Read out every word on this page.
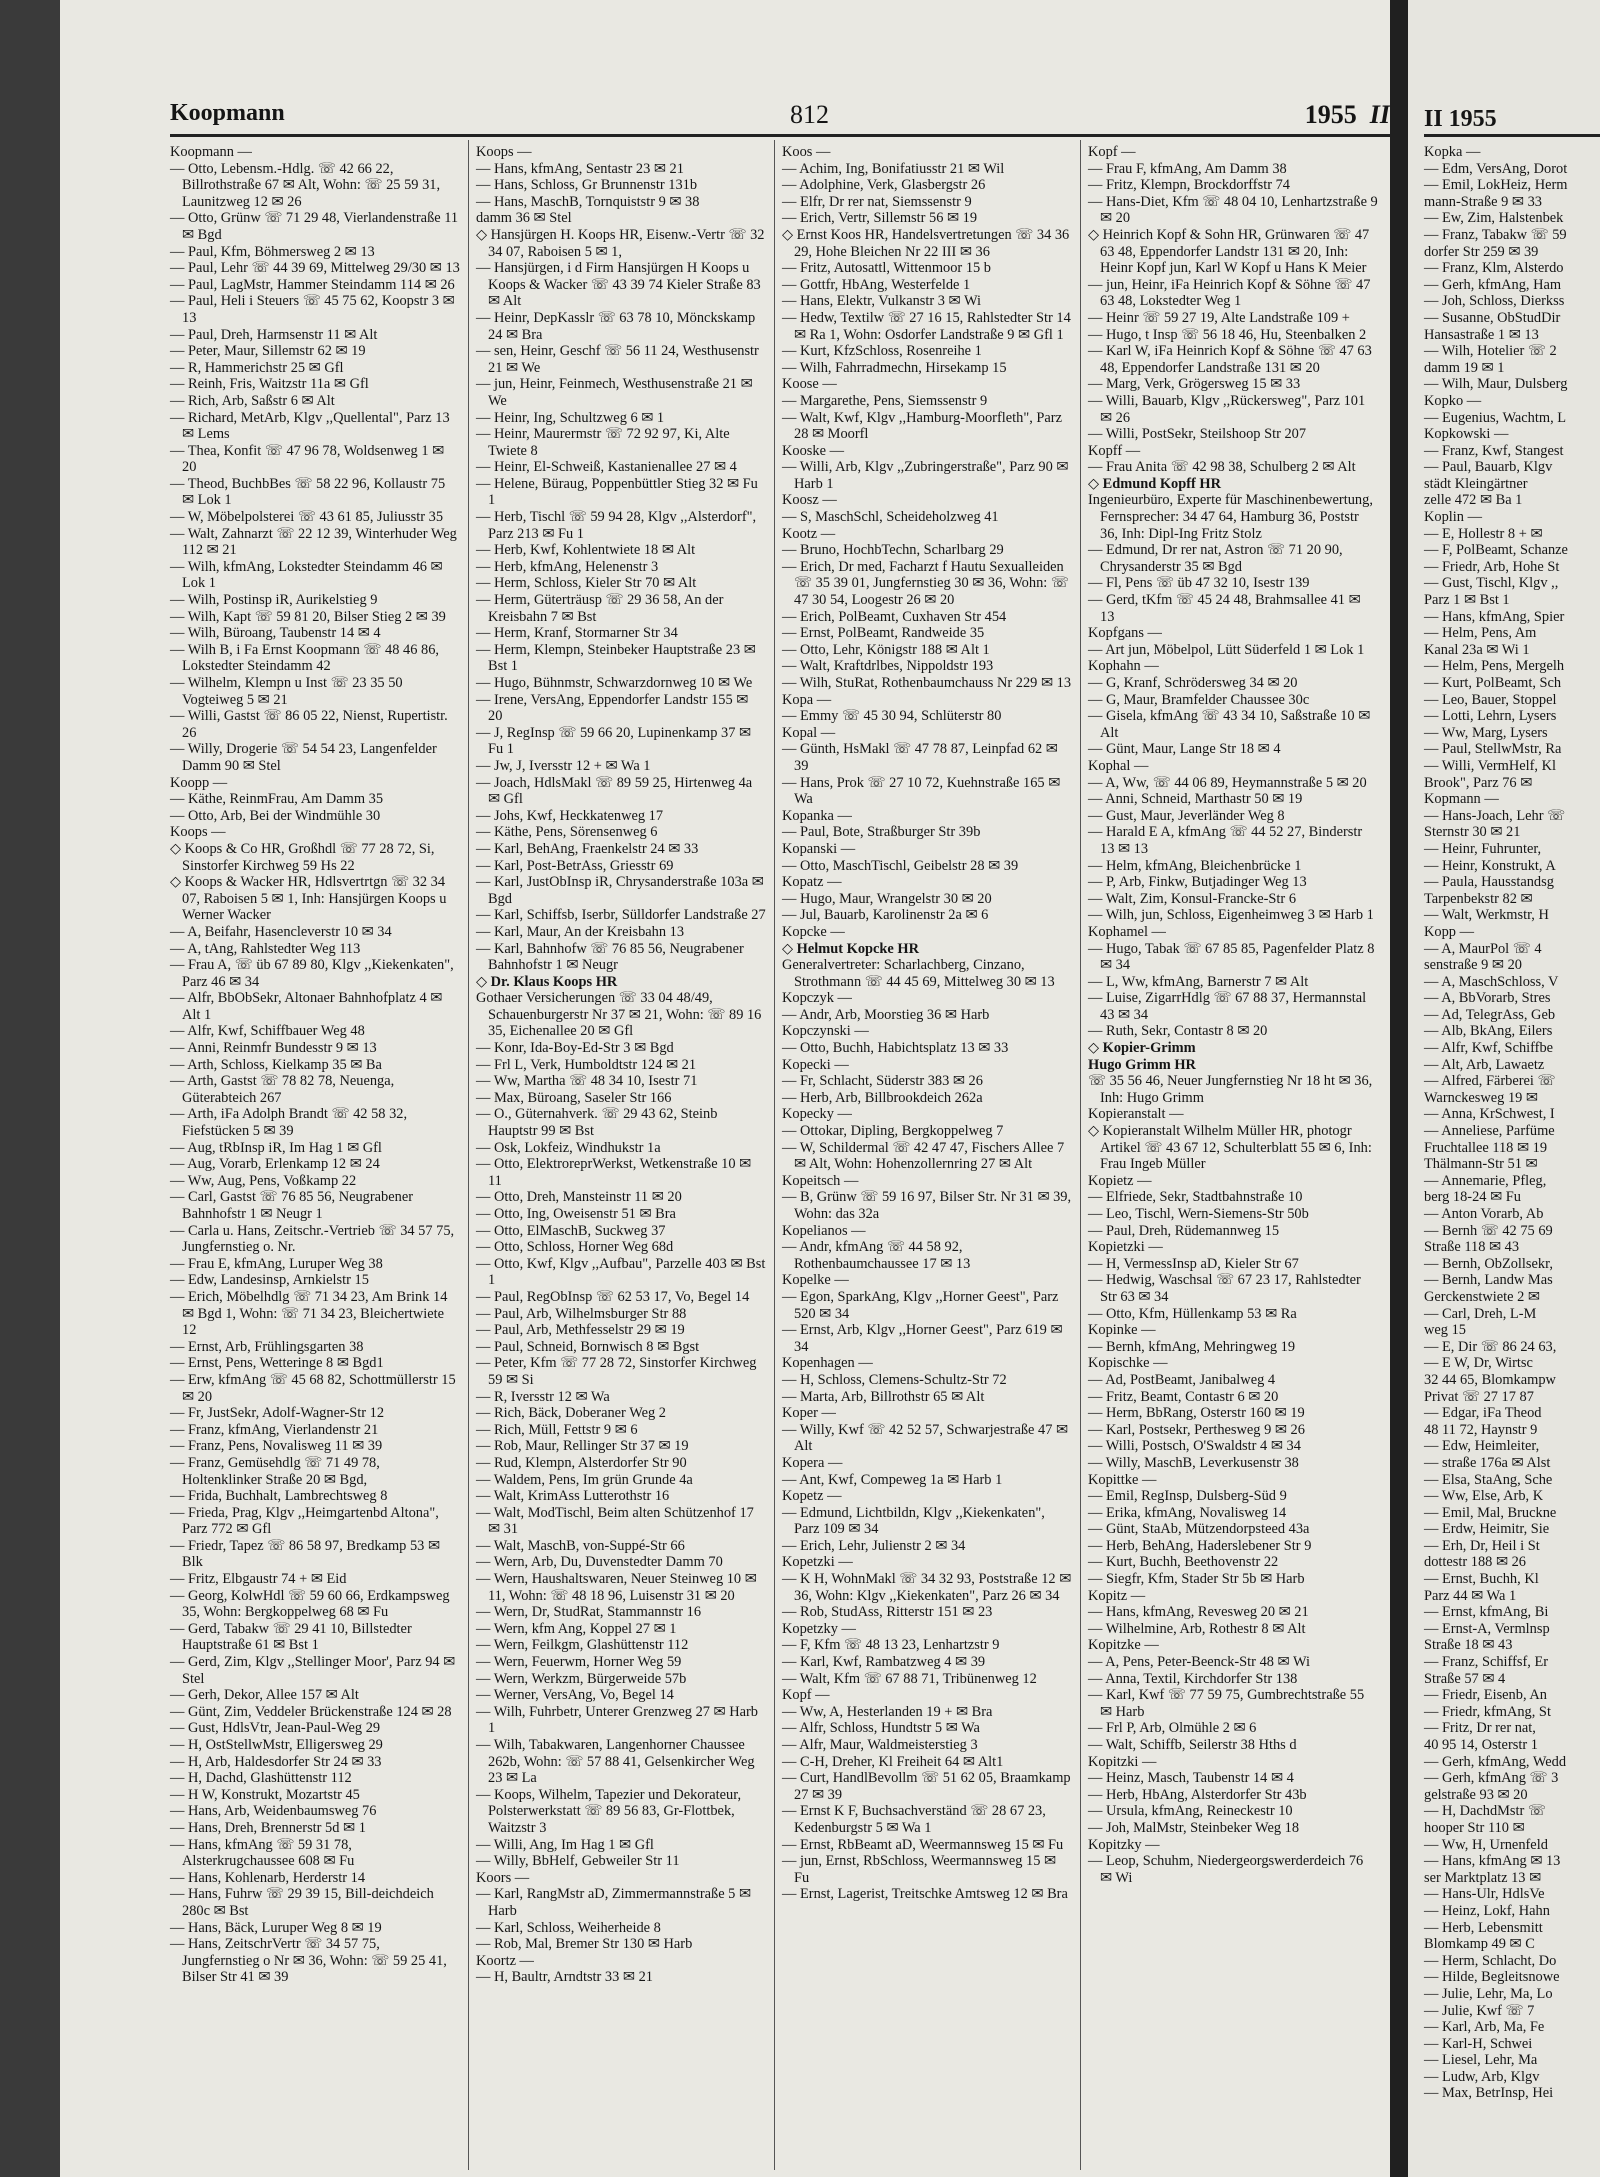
Koopmann	812	1955 II
Koopmann —
— Otto, Lebensm.-Hdlg. ☏ 42 66 22, Billrothstraße 67 ✉ Alt, Wohn: ☏ 25 59 31, Launitzweg 12 ✉ 26
— Otto, Grünw ☏ 71 29 48, Vierlandenstraße 11 ✉ Bgd
— Paul, Kfm, Böhmersweg 2 ✉ 13
— Paul, Lehr ☏ 44 39 69, Mittelweg 29/30 ✉ 13
— Paul, LagMstr, Hammer Steindamm 114 ✉ 26
— Paul, Heli i Steuers ☏ 45 75 62, Koopstr 3 ✉ 13
— Paul, Dreh, Harmsenstr 11 ✉ Alt
— Peter, Maur, Sillemstr 62 ✉ 19
— R, Hammerichstr 25 ✉ Gfl
— Reinh, Fris, Waitzstr 11a ✉ Gfl
— Rich, Arb, Saßstr 6 ✉ Alt
— Richard, MetArb, Klgv ,,Quellental", Parz 13 ✉ Lems
— Thea, Konfit ☏ 47 96 78, Woldsenweg 1 ✉ 20
— Theod, BuchbBes ☏ 58 22 96, Kollaustr 75 ✉ Lok 1
— W, Möbelpolsterei ☏ 43 61 85, Juliusstr 35
— Walt, Zahnarzt ☏ 22 12 39, Winterhuder Weg 112 ✉ 21
— Wilh, kfmAng, Lokstedter Steindamm 46 ✉ Lok 1
— Wilh, Postinsp iR, Aurikelstieg 9
— Wilh, Kapt ☏ 59 81 20, Bilser Stieg 2 ✉ 39
— Wilh, Büroang, Taubenstr 14 ✉ 4
— Wilh B, i Fa Ernst Koopmann ☏ 48 46 86, Lokstedter Steindamm 42
— Wilhelm, Klempn u Inst ☏ 23 35 50 Vogteiweg 5 ✉ 21
— Willi, Gastst ☏ 86 05 22, Nienst, Rupertistr. 26
— Willy, Drogerie ☏ 54 54 23, Langenfelder Damm 90 ✉ Stel
Koopp —
— Käthe, ReinmFrau, Am Damm 35
— Otto, Arb, Bei der Windmühle 30
Koops —
◇ Koops & Co HR, Großhdl ☏ 77 28 72, Si, Sinstorfer Kirchweg 59 Hs 22
◇ Koops & Wacker HR, Hdlsvertrtgn ☏ 32 34 07, Raboisen 5 ✉ 1, Inh: Hansjürgen Koops u Werner Wacker
— A, Beifahr, Hasencleverstr 10 ✉ 34
— A, tAng, Rahlstedter Weg 113
— Frau A, ☏ üb 67 89 80, Klgv ,,Kiekenkaten", Parz 46 ✉ 34
— Alfr, BbObSekr, Altonaer Bahnhofplatz 4 ✉ Alt 1
— Alfr, Kwf, Schiffbauer Weg 48
— Anni, Reinmfr Bundesstr 9 ✉ 13
— Arth, Schloss, Kielkamp 35 ✉ Ba
— Arth, Gastst ☏ 78 82 78, Neuenga, Güterabteich 267
— Arth, iFa Adolph Brandt ☏ 42 58 32, Fiefstücken 5 ✉ 39
— Aug, tRbInsp iR, Im Hag 1 ✉ Gfl
— Aug, Vorarb, Erlenkamp 12 ✉ 24
— Ww, Aug, Pens, Voßkamp 22
— Carl, Gastst ☏ 76 85 56, Neugrabener Bahnhofstr 1 ✉ Neugr 1
— Carla u. Hans, Zeitschr.-Vertrieb ☏ 34 57 75, Jungfernstieg o. Nr.
— Frau E, kfmAng, Luruper Weg 38
— Edw, Landesinsp, Arnkielstr 15
— Erich, Möbelhdlg ☏ 71 34 23, Am Brink 14 ✉ Bgd 1, Wohn: ☏ 71 34 23, Bleichertwiete 12
— Ernst, Arb, Frühlingsgarten 38
— Ernst, Pens, Wetteringe 8 ✉ Bgd1
— Erw, kfmAng ☏ 45 68 82, Schottmüllerstr 15 ✉ 20
— Fr, JustSekr, Adolf-Wagner-Str 12
— Franz, kfmAng, Vierlandenstr 21
— Franz, Pens, Novalisweg 11 ✉ 39
— Franz, Gemüsehdlg ☏ 71 49 78, Holtenklinker Straße 20 ✉ Bgd,
— Frida, Buchhalt, Lambrechtsweg 8
— Frieda, Prag, Klgv ,,Heimgartenbd Altona", Parz 772 ✉ Gfl
— Friedr, Tapez ☏ 86 58 97, Bredkamp 53 ✉ Blk
— Fritz, Elbgaustr 74 + ✉ Eid
— Georg, KolwHdl ☏ 59 60 66, Erdkampsweg 35, Wohn: Bergkoppelweg 68 ✉ Fu
— Gerd, Tabakw ☏ 29 41 10, Billstedter Hauptstraße 61 ✉ Bst 1
— Gerd, Zim, Klgv ,,Stellinger Moor', Parz 94 ✉ Stel
— Gerh, Dekor, Allee 157 ✉ Alt
— Günt, Zim, Veddeler Brückenstraße 124 ✉ 28
— Gust, HdlsVtr, Jean-Paul-Weg 29
— H, OstStellwMstr, Elligersweg 29
— H, Arb, Haldesdorfer Str 24 ✉ 33
— H, Dachd, Glashüttenstr 112
— H W, Konstrukt, Mozartstr 45
— Hans, Arb, Weidenbaumsweg 76
— Hans, Dreh, Brennerstr 5d ✉ 1
— Hans, kfmAng ☏ 59 31 78, Alsterkrugchaussee 608 ✉ Fu
— Hans, Kohlenarb, Herderstr 14
— Hans, Fuhrw ☏ 29 39 15, Bill-deichdeich 280c ✉ Bst
— Hans, Bäck, Luruper Weg 8 ✉ 19
— Hans, ZeitschrVertr ☏ 34 57 75, Jungfernstieg o Nr ✉ 36, Wohn: ☏ 59 25 41, Bilser Str 41 ✉ 39
Koops —
— Hans, kfmAng, Sentastr 23 ✉ 21
— Hans, Schloss, Gr Brunnenstr 131b
— Hans, MaschB, Tornquiststr 9 ✉ 38
damm 36 ✉ Stel
◇ Hansjürgen H. Koops HR, Eisenw.-Vertr ☏ 32 34 07, Raboisen 5 ✉ 1,
— Hansjürgen, i d Firm Hansjürgen H Koops u Koops & Wacker ☏ 43 39 74 Kieler Straße 83 ✉ Alt
— Heinr, DepKasslr ☏ 63 78 10, Mönckskamp 24 ✉ Bra
— sen, Heinr, Geschf ☏ 56 11 24, Westhusenstr 21 ✉ We
— jun, Heinr, Feinmech, Westhusenstraße 21 ✉ We
— Heinr, Ing, Schultzweg 6 ✉ 1
— Heinr, Maurermstr ☏ 72 92 97, Ki, Alte Twiete 8
— Heinr, El-Schweiß, Kastanienallee 27 ✉ 4
— Helene, Büraug, Poppenbüttler Stieg 32 ✉ Fu 1
— Herb, Tischl ☏ 59 94 28, Klgv ,,Alsterdorf", Parz 213 ✉ Fu 1
— Herb, Kwf, Kohlentwiete 18 ✉ Alt
— Herb, kfmAng, Helenenstr 3
— Herm, Schloss, Kieler Str 70 ✉ Alt
— Herm, Güterträusp ☏ 29 36 58, An der Kreisbahn 7 ✉ Bst
— Herm, Kranf, Stormarner Str 34
— Herm, Klempn, Steinbeker Hauptstraße 23 ✉ Bst 1
— Hugo, Bühnmstr, Schwarzdornweg 10 ✉ We
— Irene, VersAng, Eppendorfer Landstr 155 ✉ 20
— J, RegInsp ☏ 59 66 20, Lupinenkamp 37 ✉ Fu 1
— Jw, J, Iversstr 12 + ✉ Wa 1
— Joach, HdlsMakl ☏ 89 59 25, Hirtenweg 4a ✉ Gfl
— Johs, Kwf, Heckkatenweg 17
— Käthe, Pens, Sörensenweg 6
— Karl, BehAng, Fraenkelstr 24 ✉ 33
— Karl, Post-BetrAss, Griesstr 69
— Karl, JustObInsp iR, Chrysanderstraße 103a ✉ Bgd
— Karl, Schiffsb, Iserbr, Sülldorfer Landstraße 27
— Karl, Maur, An der Kreisbahn 13
— Karl, Bahnhofw ☏ 76 85 56, Neugrabener Bahnhofstr 1 ✉ Neugr
◇ Dr. Klaus Koops HR
Gothaer Versicherungen ☏ 33 04 48/49, Schauenburgerstr Nr 37 ✉ 21, Wohn: ☏ 89 16 35, Eichenallee 20 ✉ Gfl
— Konr, Ida-Boy-Ed-Str 3 ✉ Bgd
— Frl L, Verk, Humboldtstr 124 ✉ 21
— Ww, Martha ☏ 48 34 10, Isestr 71
— Max, Büroang, Saseler Str 166
— O., Güternahverk. ☏ 29 43 62, Steinb Hauptstr 99 ✉ Bst
— Osk, Lokfeiz, Windhukstr 1a
— Otto, ElektroreprWerkst, Wetkenstraße 10 ✉ 11
— Otto, Dreh, Mansteinstr 11 ✉ 20
— Otto, Ing, Oweisenstr 51 ✉ Bra
— Otto, ElMaschB, Suckweg 37
— Otto, Schloss, Horner Weg 68d
— Otto, Kwf, Klgv ,,Aufbau", Parzelle 403 ✉ Bst 1
— Paul, RegObInsp ☏ 62 53 17, Vo, Begel 14
— Paul, Arb, Wilhelmsburger Str 88
— Paul, Arb, Methfesselstr 29 ✉ 19
— Paul, Schneid, Bornwisch 8 ✉ Bgst
— Peter, Kfm ☏ 77 28 72, Sinstorfer Kirchweg 59 ✉ Si
— R, Iversstr 12 ✉ Wa
— Rich, Bäck, Doberaner Weg 2
— Rich, Müll, Fettstr 9 ✉ 6
— Rob, Maur, Rellinger Str 37 ✉ 19
— Rud, Klempn, Alsterdorfer Str 90
— Waldem, Pens, Im grün Grunde 4a
— Walt, KrimAss Lutterothstr 16
— Walt, ModTischl, Beim alten Schützenhof 17 ✉ 31
— Walt, MaschB, von-Suppé-Str 66
— Wern, Arb, Du, Duvenstedter Damm 70
— Wern, Haushaltswaren, Neuer Steinweg 10 ✉ 11, Wohn: ☏ 48 18 96, Luisenstr 31 ✉ 20
— Wern, Dr, StudRat, Stammannstr 16
— Wern, kfm Ang, Koppel 27 ✉ 1
— Wern, Feilkgm, Glashüttenstr 112
— Wern, Feuerwm, Horner Weg 59
— Wern, Werkzm, Bürgerweide 57b
— Werner, VersAng, Vo, Begel 14
— Wilh, Fuhrbetr, Unterer Grenzweg 27 ✉ Harb 1
— Wilh, Tabakwaren, Langenhorner Chaussee 262b, Wohn: ☏ 57 88 41, Gelsenkircher Weg 23 ✉ La
— Koops, Wilhelm, Tapezier und Dekorateur, Polsterwerkstatt ☏ 89 56 83, Gr-Flottbek, Waitzstr 3
— Willi, Ang, Im Hag 1 ✉ Gfl
— Willy, BbHelf, Gebweiler Str 11
Koors —
— Karl, RangMstr aD, Zimmermannstraße 5 ✉ Harb
— Karl, Schloss, Weiherheide 8
— Rob, Mal, Bremer Str 130 ✉ Harb
Koortz —
— H, Baultr, Arndtstr 33 ✉ 21
Koos —
— Achim, Ing, Bonifatiusstr 21 ✉ Wil
— Adolphine, Verk, Glasbergstr 26
— Elfr, Dr rer nat, Siemssenstr 9
— Erich, Vertr, Sillemstr 56 ✉ 19
◇ Ernst Koos HR, Handelsvertretungen ☏ 34 36 29, Hohe Bleichen Nr 22 III ✉ 36
— Fritz, Autosattl, Wittenmoor 15 b
— Gottfr, HbAng, Westerfelde 1
— Hans, Elektr, Vulkanstr 3 ✉ Wi
— Hedw, Textilw ☏ 27 16 15, Rahlstedter Str 14 ✉ Ra 1, Wohn: Osdorfer Landstraße 9 ✉ Gfl 1
— Kurt, KfzSchloss, Rosenreihe 1
— Wilh, Fahrradmechn, Hirsekamp 15
Koose —
— Margarethe, Pens, Siemssenstr 9
— Walt, Kwf, Klgv ,,Hamburg-Moorfleth", Parz 28 ✉ Moorfl
Kooske —
— Willi, Arb, Klgv ,,Zubringerstraße", Parz 90 ✉ Harb 1
Koosz —
— S, MaschSchl, Scheideholzweg 41
Kootz —
— Bruno, HochbTechn, Scharlbarg 29
— Erich, Dr med, Facharzt f Hautu Sexualleiden ☏ 35 39 01, Jungfernstieg 30 ✉ 36, Wohn: ☏ 47 30 54, Loogestr 26 ✉ 20
— Erich, PolBeamt, Cuxhaven Str 454
— Ernst, PolBeamt, Randweide 35
— Otto, Lehr, Königstr 188 ✉ Alt 1
— Walt, Kraftdrlbes, Nippoldstr 193
— Wilh, StuRat, Rothenbaumchauss Nr 229 ✉ 13
Kopa —
— Emmy ☏ 45 30 94, Schlüterstr 80
Kopal —
— Günth, HsMakl ☏ 47 78 87, Leinpfad 62 ✉ 39
— Hans, Prok ☏ 27 10 72, Kuehnstraße 165 ✉ Wa
Kopanka —
— Paul, Bote, Straßburger Str 39b
Kopanski —
— Otto, MaschTischl, Geibelstr 28 ✉ 39
Kopatz —
— Hugo, Maur, Wrangelstr 30 ✉ 20
— Jul, Bauarb, Karolinenstr 2a ✉ 6
Kopcke —
◇ Helmut Kopcke HR
Generalvertreter: Scharlachberg, Cinzano, Strothmann ☏ 44 45 69, Mittelweg 30 ✉ 13
Kopczyk —
— Andr, Arb, Moorstieg 36 ✉ Harb
Kopczynski —
— Otto, Buchh, Habichtsplatz 13 ✉ 33
Kopecki —
— Fr, Schlacht, Süderstr 383 ✉ 26
— Herb, Arb, Billbrookdeich 262a
Kopecky —
— Ottokar, Dipling, Bergkoppelweg 7
— W, Schildermal ☏ 42 47 47, Fischers Allee 7 ✉ Alt, Wohn: Hohenzollernring 27 ✉ Alt
Kopeitsch —
— B, Grünw ☏ 59 16 97, Bilser Str. Nr 31 ✉ 39, Wohn: das 32a
Kopelianos —
— Andr, kfmAng ☏ 44 58 92, Rothenbaumchaussee 17 ✉ 13
Kopelke —
— Egon, SparkAng, Klgv ,,Horner Geest", Parz 520 ✉ 34
— Ernst, Arb, Klgv ,,Horner Geest", Parz 619 ✉ 34
Kopenhagen —
— H, Schloss, Clemens-Schultz-Str 72
— Marta, Arb, Billrothstr 65 ✉ Alt
Koper —
— Willy, Kwf ☏ 42 52 57, Schwarjestraße 47 ✉ Alt
Kopera —
— Ant, Kwf, Compeweg 1a ✉ Harb 1
Kopetz —
— Edmund, Lichtbildn, Klgv ,,Kiekenkaten", Parz 109 ✉ 34
— Erich, Lehr, Julienstr 2 ✉ 34
Kopetzki —
— K H, WohnMakl ☏ 34 32 93, Poststraße 12 ✉ 36, Wohn: Klgv ,,Kiekenkaten", Parz 26 ✉ 34
— Rob, StudAss, Ritterstr 151 ✉ 23
Kopetzky —
— F, Kfm ☏ 48 13 23, Lenhartzstr 9
— Karl, Kwf, Rambatzweg 4 ✉ 39
— Walt, Kfm ☏ 67 88 71, Tribünenweg 12
Kopf —
— Ww, A, Hesterlanden 19 + ✉ Bra
— Alfr, Schloss, Hundtstr 5 ✉ Wa
— Alfr, Maur, Waldmeisterstieg 3
— C-H, Dreher, Kl Freiheit 64 ✉ Alt1
— Curt, HandlBevollm ☏ 51 62 05, Braamkamp 27 ✉ 39
— Ernst K F, Buchsachverständ ☏ 28 67 23, Kedenburgstr 5 ✉ Wa 1
— Ernst, RbBeamt aD, Weermannsweg 15 ✉ Fu
— jun, Ernst, RbSchloss, Weermannsweg 15 ✉ Fu
— Ernst, Lagerist, Treitschke Amtsweg 12 ✉ Bra
Kopf —
— Frau F, kfmAng, Am Damm 38
— Fritz, Klempn, Brockdorffstr 74
— Hans-Diet, Kfm ☏ 48 04 10, Lenhartzstraße 9 ✉ 20
◇ Heinrich Kopf & Sohn HR, Grünwaren ☏ 47 63 48, Eppendorfer Landstr 131 ✉ 20, Inh: Heinr Kopf jun, Karl W Kopf u Hans K Meier
— jun, Heinr, iFa Heinrich Kopf & Söhne ☏ 47 63 48, Lokstedter Weg 1
— Heinr ☏ 59 27 19, Alte Landstraße 109 +
— Hugo, t Insp ☏ 56 18 46, Hu, Steenbalken 2
— Karl W, iFa Heinrich Kopf & Söhne ☏ 47 63 48, Eppendorfer Landstraße 131 ✉ 20
— Marg, Verk, Grögersweg 15 ✉ 33
— Willi, Bauarb, Klgv ,,Rückersweg", Parz 101 ✉ 26
— Willi, PostSekr, Steilshoop Str 207
Kopff —
— Frau Anita ☏ 42 98 38, Schulberg 2 ✉ Alt
◇ Edmund Kopff HR
Ingenieurbüro, Experte für Maschinenbewertung, Fernsprecher: 34 47 64, Hamburg 36, Poststr 36, Inh: Dipl-Ing Fritz Stolz
— Edmund, Dr rer nat, Astron ☏ 71 20 90, Chrysanderstr 35 ✉ Bgd
— Fl, Pens ☏ üb 47 32 10, Isestr 139
— Gerd, tKfm ☏ 45 24 48, Brahmsallee 41 ✉ 13
Kopfgans —
— Art jun, Möbelpol, Lütt Süderfeld 1 ✉ Lok 1
Kophahn —
— G, Kranf, Schrödersweg 34 ✉ 20
— G, Maur, Bramfelder Chaussee 30c
— Gisela, kfmAng ☏ 43 34 10, Saßstraße 10 ✉ Alt
— Günt, Maur, Lange Str 18 ✉ 4
Kophal —
— A, Ww, ☏ 44 06 89, Heymannstraße 5 ✉ 20
— Anni, Schneid, Marthastr 50 ✉ 19
— Gust, Maur, Jeverländer Weg 8
— Harald E A, kfmAng ☏ 44 52 27, Binderstr 13 ✉ 13
— Helm, kfmAng, Bleichenbrücke 1
— P, Arb, Finkw, Butjadinger Weg 13
— Walt, Zim, Konsul-Francke-Str 6
— Wilh, jun, Schloss, Eigenheimweg 3 ✉ Harb 1
Kophamel —
— Hugo, Tabak ☏ 67 85 85, Pagenfelder Platz 8 ✉ 34
— L, Ww, kfmAng, Barnerstr 7 ✉ Alt
— Luise, ZigarrHdlg ☏ 67 88 37, Hermannstal 43 ✉ 34
— Ruth, Sekr, Contastr 8 ✉ 20
◇ Kopier-Grimm
Hugo Grimm HR
☏ 35 56 46, Neuer Jungfernstieg Nr 18 ht ✉ 36, Inh: Hugo Grimm
Kopieranstalt —
◇ Kopieranstalt Wilhelm Müller HR, photogr Artikel ☏ 43 67 12, Schulterblatt 55 ✉ 6, Inh: Frau Ingeb Müller
Kopietz —
— Elfriede, Sekr, Stadtbahnstraße 10
— Leo, Tischl, Wern-Siemens-Str 50b
— Paul, Dreh, Rüdemannweg 15
Kopietzki —
— H, VermessInsp aD, Kieler Str 67
— Hedwig, Waschsal ☏ 67 23 17, Rahlstedter Str 63 ✉ 34
— Otto, Kfm, Hüllenkamp 53 ✉ Ra
Kopinke —
— Bernh, kfmAng, Mehringweg 19
Kopischke —
— Ad, PostBeamt, Janibalweg 4
— Fritz, Beamt, Contastr 6 ✉ 20
— Herm, BbRang, Osterstr 160 ✉ 19
— Karl, Postsekr, Perthesweg 9 ✉ 26
— Willi, Postsch, O'Swaldstr 4 ✉ 34
— Willy, MaschB, Leverkusenstr 38
Kopittke —
— Emil, RegInsp, Dulsberg-Süd 9
— Erika, kfmAng, Novalisweg 14
— Günt, StaAb, Mützendorpsteed 43a
— Herb, BehAng, Haderslebener Str 9
— Kurt, Buchh, Beethovenstr 22
— Siegfr, Kfm, Stader Str 5b ✉ Harb
Kopitz —
— Hans, kfmAng, Revesweg 20 ✉ 21
— Wilhelmine, Arb, Rothestr 8 ✉ Alt
Kopitzke —
— A, Pens, Peter-Beenck-Str 48 ✉ Wi
— Anna, Textil, Kirchdorfer Str 138
— Karl, Kwf ☏ 77 59 75, Gumbrechtstraße 55 ✉ Harb
— Frl P, Arb, Olmühle 2 ✉ 6
— Walt, Schiffb, Seilerstr 38 Hths d
Kopitzki —
— Heinz, Masch, Taubenstr 14 ✉ 4
— Herb, HbAng, Alsterdorfer Str 43b
— Ursula, kfmAng, Reineckestr 10
— Joh, MalMstr, Steinbeker Weg 18
Kopitzky —
— Leop, Schuhm, Niedergeorgswerderdeich 76 ✉ Wi
II 1955
Kopka —
— Edm, VersAng, Dorot
— Emil, LokHeiz, Herm
mann-Straße 9 ✉ 33
— Ew, Zim, Halstenbek
— Franz, Tabakw ☏ 59
dorfer Str 259 ✉ 39
— Franz, Klm, Alsterdo
— Gerh, kfmAng, Ham
— Joh, Schloss, Dierkss
— Susanne, ObStudDir
Hansastraße 1 ✉ 13
— Wilh, Hotelier ☏ 2
damm 19 ✉ 1
— Wilh, Maur, Dulsberg
Kopko —
— Eugenius, Wachtm, L
Kopkowski —
— Franz, Kwf, Stangest
— Paul, Bauarb, Klgv
städt Kleingärtner
zelle 472 ✉ Ba 1
Koplin —
— E, Hollestr 8 + ✉
— F, PolBeamt, Schanze
— Friedr, Arb, Hohe St
— Gust, Tischl, Klgv ,,
Parz 1 ✉ Bst 1
— Hans, kfmAng, Spier
— Helm, Pens, Am
Kanal 23a ✉ Wi 1
— Helm, Pens, Mergelh
— Kurt, PolBeamt, Sch
— Leo, Bauer, Stoppel
— Lotti, Lehrn, Lysers
— Ww, Marg, Lysers
— Paul, StellwMstr, Ra
— Willi, VermHelf, Kl
Brook", Parz 76 ✉
Kopmann —
— Hans-Joach, Lehr ☏
Sternstr 30 ✉ 21
— Heinr, Fuhrunter,
— Heinr, Konstrukt, A
— Paula, Hausstandsg
Tarpenbekstr 82 ✉
— Walt, Werkmstr, H
Kopp —
— A, MaurPol ☏ 4
senstraße 9 ✉ 20
— A, MaschSchloss, V
— A, BbVorarb, Stres
— Ad, TelegrAss, Geb
— Alb, BkAng, Eilers
— Alfr, Kwf, Schiffbe
— Alt, Arb, Lawaetz
— Alfred, Färberei ☏
Warnckesweg 19 ✉
— Anna, KrSchwest, I
— Anneliese, Parfüme
Fruchtallee 118 ✉ 19
Thälmann-Str 51 ✉
— Annemarie, Pfleg,
berg 18-24 ✉ Fu
— Anton Vorarb, Ab
— Bernh ☏ 42 75 69
Straße 118 ✉ 43
— Bernh, ObZollsekr,
— Bernh, Landw Mas
Gerckenstwiete 2 ✉
— Carl, Dreh, L-M
weg 15
— E, Dir ☏ 86 24 63,
— E W, Dr, Wirtsc
32 44 65, Blomkampw
Privat ☏ 27 17 87
— Edgar, iFa Theod
48 11 72, Haynstr 9
— Edw, Heimleiter,
— straße 176a ✉ Alst
— Elsa, StaAng, Sche
— Ww, Else, Arb, K
— Emil, Mal, Bruckne
— Erdw, Heimitr, Sie
— Erh, Dr, Heil i St
dottestr 188 ✉ 26
— Ernst, Buchh, Kl
Parz 44 ✉ Wa 1
— Ernst, kfmAng, Bi
— Ernst-A, Vermlnsp
Straße 18 ✉ 43
— Franz, Schiffsf, Er
Straße 57 ✉ 4
— Friedr, Eisenb, An
— Friedr, kfmAng, St
— Fritz, Dr rer nat,
40 95 14, Osterstr 1
— Gerh, kfmAng, Wedd
— Gerh, kfmAng ☏ 3
gelstraße 93 ✉ 20
— H, DachdMstr ☏
hooper Str 110 ✉
— Ww, H, Urnenfeld
— Hans, kfmAng ✉ 13
ser Marktplatz 13 ✉
— Hans-Ulr, HdlsVe
— Heinz, Lokf, Hahn
— Herb, Lebensmitt
Blomkamp 49 ✉ C
— Herm, Schlacht, Do
— Hilde, Begleitsnowe
— Julie, Lehr, Ma, Lo
— Julie, Kwf ☏ 7
— Karl, Arb, Ma, Fe
— Karl-H, Schwei
— Liesel, Lehr, Ma
— Ludw, Arb, Klgv
— Max, BetrInsp, Hei
